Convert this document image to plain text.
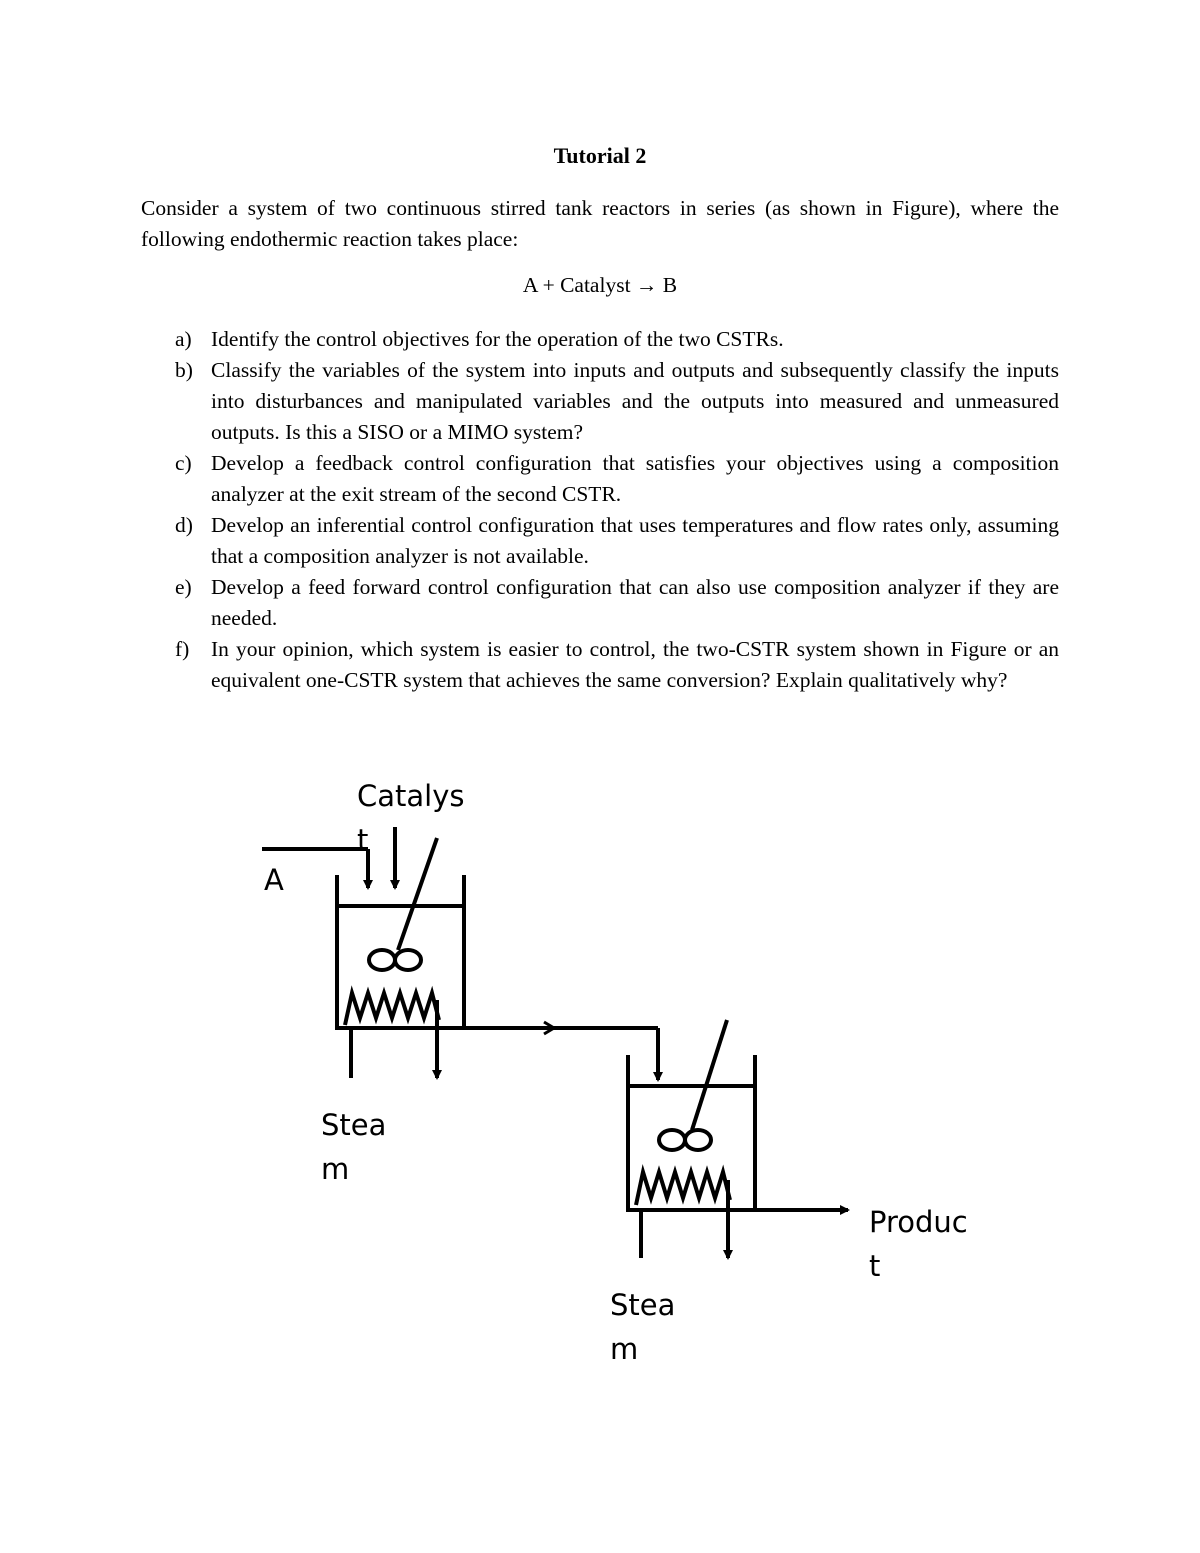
Tutorial 2
Consider a system of two continuous stirred tank reactors in series (as shown in Figure), where the following endothermic reaction takes place:
A + Catalyst → B
a) Identify the control objectives for the operation of the two CSTRs.
b) Classify the variables of the system into inputs and outputs and subsequently classify the inputs into disturbances and manipulated variables and the outputs into measured and unmeasured outputs. Is this a SISO or a MIMO system?
c) Develop a feedback control configuration that satisfies your objectives using a composition analyzer at the exit stream of the second CSTR.
d) Develop an inferential control configuration that uses temperatures and flow rates only, assuming that a composition analyzer is not available.
e) Develop a feed forward control configuration that can also use composition analyzer if they are needed.
f)	In your opinion, which system is easier to control, the two-CSTR system shown in Figure or an equivalent one-CSTR system that achieves the same conversion? Explain qualitatively why?
Catalys
t
A
Stea
m
Stea
m
Produc
t
